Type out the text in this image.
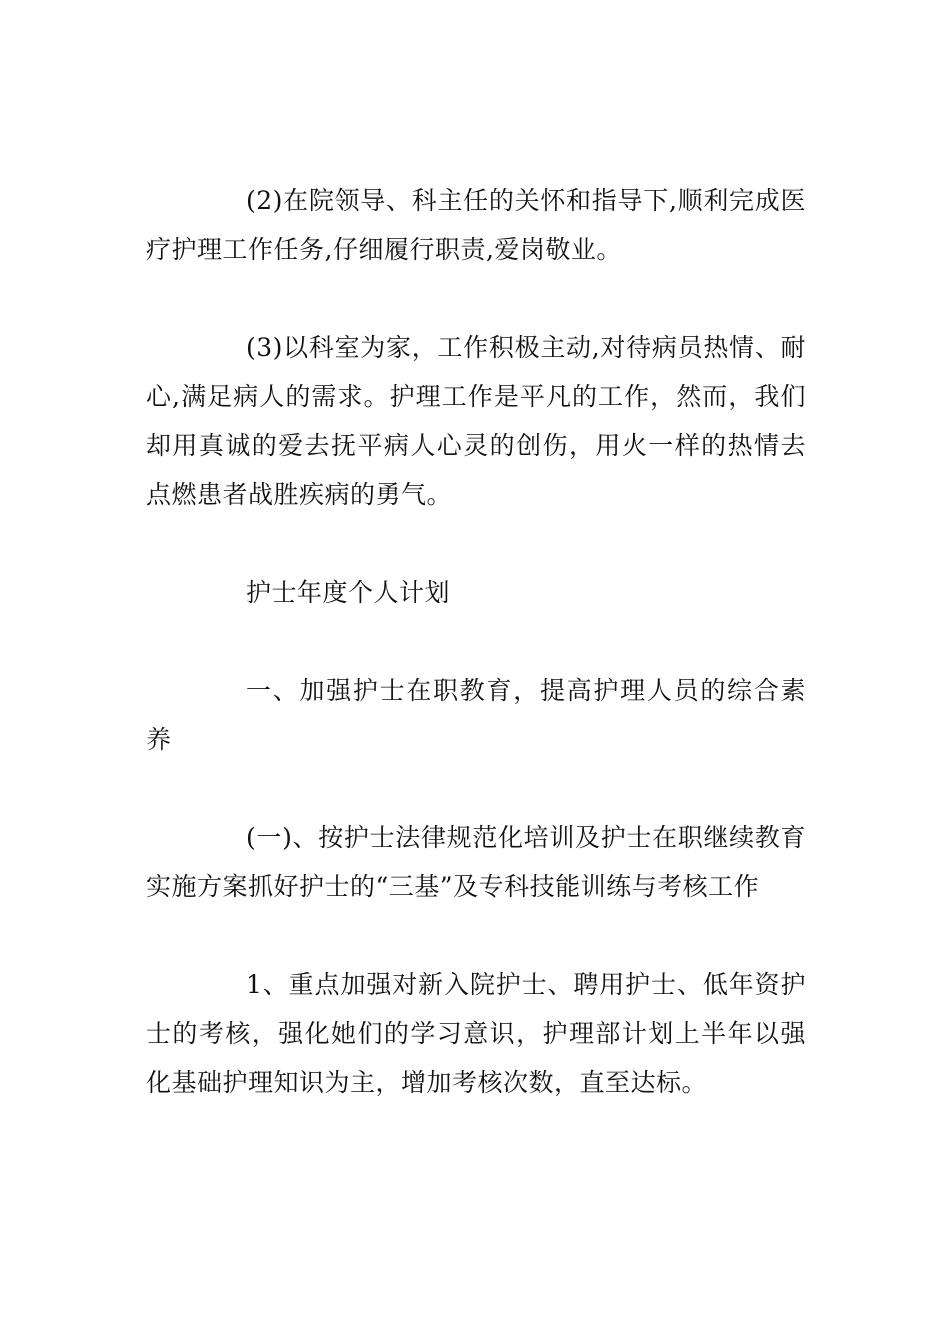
(2)在院领导、科主任的关怀和指导下,顺利完成医疗护理工作任务,仔细履行职责,爱岗敬业。

(3)以科室为家，工作积极主动,对待病员热情、耐心,满足病人的需求。护理工作是平凡的工作，然而，我们却用真诚的爱去抚平病人心灵的创伤，用火一样的热情去点燃患者战胜疾病的勇气。

护士年度个人计划

一、加强护士在职教育，提高护理人员的综合素养

(一)、按护士法律规范化培训及护士在职继续教育实施方案抓好护士的“三基”及专科技能训练与考核工作

1、重点加强对新入院护士、聘用护士、低年资护士的考核，强化她们的学习意识，护理部计划上半年以强化基础护理知识为主，增加考核次数，直至达标。
